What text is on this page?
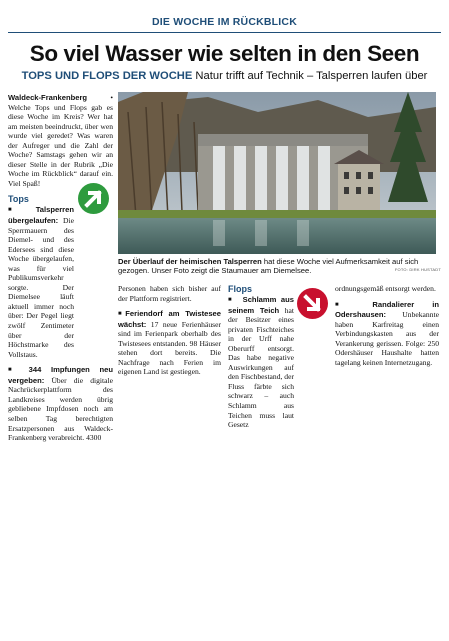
DIE WOCHE IM RÜCKBLICK
So viel Wasser wie selten in den Seen
TOPS UND FLOPS DER WOCHE Natur trifft auf Technik – Talsperren laufen über

Waldeck-Frankenberg • Welche Tops und Flops gab es diese Woche im Kreis? Wer hat am meisten beeindruckt, über wen wurde viel geredet? Was waren der Aufreger und die Zahl der Woche? Samstags gehen wir an dieser Stelle in der Rubrik „Die Woche im Rückblick“ darauf ein. Viel Spaß!

Tops

■	Talsperren übergelaufen: Die Sperrmauern des Diemel- und des Edersees sind diese Woche übergelaufen, was für viel Publikumsverkehr sorgte. Der Diemelsee läuft aktuell immer noch über: Der Pegel liegt zwölf Zentimeter über der Höchstmarke des Vollstaus.

■ 344 Impfungen neu vergeben: Über die digitale Nachrückerplattform des Landkreises werden übrig gebliebene Impfdosen noch am selben Tag berechtigten Ersatzpersonen aus Waldeck-Frankenberg verabreicht. 4300

Der Überlauf der heimischen Talsperren hat diese Woche viel Aufmerksamkeit auf sich gezogen. Unser Foto zeigt die Staumauer am Diemelsee.	FOTO: DIRK HUSTADT

Personen haben sich bisher auf der Plattform registriert.

■Feriendorf am Twistesee wächst: 17 neue Ferienhäuser sind im Ferienpark oberhalb des Twistesees entstanden. 98 Häuser stehen dort bereits. Die Nachfrage nach Ferien im eigenen Land ist gestiegen.

Flops

■ Schlamm aus seinem Teich hat der Besitzer eines privaten Fischteiches in der Urff nahe Oberurff entsorgt. Das habe negative Auswirkungen auf den Fischbestand, der Fluss färbte sich schwarz – auch Schlamm aus Teichen muss laut Gesetz

ordnungsgemäß entsorgt werden.

■ Randalierer in Odershausen: Unbekannte haben Karfreitag einen Verbindungskasten aus der Verankerung gerissen. Folge: 250 Odershäuser Haushalte hatten tagelang keinen Internetzugang.
